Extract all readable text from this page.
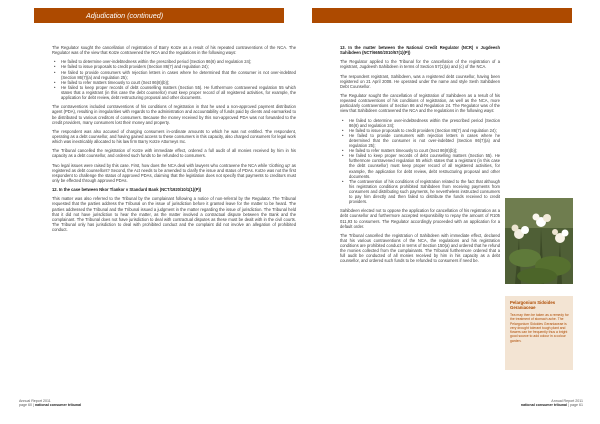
Adjudication (continued)

The Regulator sought the cancellation of registration of Barry Kotze as a result of his repeated contraventions of the NCA. The Regulator was of the view that Kotze contravened the NCA and the regulations in the following ways:

• He failed to determine over-indebtedness within the prescribed period (Section 86(6) and regulation 24);
• He failed to issue proposals to credit providers (Section 86(7) and regulation 24);
• He failed to provide consumers with rejection letters in cases where he determined that the consumer is not over-indebted (Section 86(7)(a) and regulation 25);
• He failed to refer matters timeously to court (Sect 86(8)(b));
• He failed to keep proper records of debt counselling matters (Section 55). He furthermore contravened regulation 55 which states that a registrant (in this case the debt counsellor) must keep proper record of all registered activities, for example, the application for debt review, debt restructuring proposal and other documents.

The contraventions included contraventions of his conditions of registration in that he used a non-approved payment distribution agent (PDA), resulting in irregularities with regards to the administration and accountability of funds paid by clients and earmarked to be distributed to various creditors of consumers. Because the money received by this non-approved PDA was not forwarded to the credit providers, many consumers lost their money and property.

The respondent was also accused of charging consumers in-ordinate amounts to which he was not entitled. The respondent, operating as a debt counsellor, and having gained access to these consumers in this capacity, also charged consumers for legal work which was inextricably allocated to his law firm Barry Kotze Attorneys Inc.

The Tribunal cancelled the registration of Kotze with immediate effect, ordered a full audit of all monies received by him in his capacity as a debt counsellor, and ordered such funds to be refunded to consumers.

Two legal issues were raised by this case. First, how does the NCA deal with lawyers who contravene the NCA while 'clothing up' as registered as debt counsellors? Second, the Act needs to be amended to clarify the issue and status of PDAs. Kotze was not the first respondent to challenge the status of approved PDAs, claiming that the legislation does not specify that payments to creditors must only be effected through approved PDAs.

12. In the case between Nkor Tlankor v Standard Bank (NCT/1920/10/1(1)(P))

This matter was also referred to the Tribunal by the complainant following a notice of non-referral by the Regulator. The Tribunal requested that the parties address the Tribunal on the issue of jurisdiction before it granted leave for the matter to be heard. The parties addressed the Tribunal and the Tribunal issued a judgment in the matter regarding the issue of jurisdiction. The Tribunal held that it did not have jurisdiction to hear the matter, as the matter involved a contractual dispute between the Bank and the complainant. The Tribunal does not have jurisdiction to deal with contractual disputes as these must be dealt with in the civil courts. The Tribunal only has jurisdiction to deal with prohibited conduct and the complaint did not involve an allegation of prohibited conduct.

13. In the matter between the National Credit Regulator (NCR) v Jugdeesh Sahibdeen (NCT/6650/2010/57(1)(P))

The Regulator applied to the Tribunal for the cancellation of the registration of a registrant, Jugdeesh Sahibdeen in terms of Section 57(1)(a) and (c) of the NCA.

The respondent registrant, Sahibdeen, was a registered debt counsellor, having been registered on 21 April 2008. He operated under the name and style Sesh Sahibdeen Debt Counsellor.

The Regulator sought the cancellation of registration of Sahibdeen as a result of his repeated contraventions of his conditions of registration, as well as the NCA, more particularly contraventions of Section 86 and Regulation 24. The Regulator was of the view that Sahibdeen contravened the NCA and the regulations in the following ways:

• He failed to determine over-indebtedness within the prescribed period (Section 86(6) and regulation 24);
• He failed to issue proposals to credit providers (Section 86(7) and regulation 24);
• He failed to provide consumers with rejection letters in cases where he determined that the consumer is not over-indebted (Section 86(7)(a) and regulation 25);
• He failed to refer matters timeously to court (Sect 86(8)(b));
• He failed to keep proper records of debt counselling matters (Section 55). He furthermore contravened regulation 55 which states that a registrant (in this case the debt counsellor) must keep proper record of all registered activities, for example, the application for debt review, debt restructuring proposal and other documents.
• The contravention of his conditions of registration related to the fact that although his registration conditions prohibited Sahibdeen from receiving payments from consumers and distributing such payments, he nevertheless instructed consumers to pay him directly and then failed to distribute the funds received to credit providers.

Sahibdeen elected not to oppose the application for cancellation of his registration as a debt counsellor and furthermore accepted responsibility to repay the amount of R105 011,93 to consumers. The Regulator accordingly proceeded with an application for a default order.

The Tribunal cancelled the registration of Sahibdeen with immediate effect, declared that his various contraventions of the NCA, the regulations and his registration conditions are prohibited conduct in terms of Section 150(a) and ordered that he refund the monies collected from the complainants. The Tribunal furthermore ordered that a full audit be conducted of all monies received by him in his capacity as a debt counsellor, and ordered such funds to be refunded to consumers if need be.

Pelargonium Sidoides Geraniaceae
Tea may then be taken as a remedy for the treatment of stomach ache. The Pelargonium Sidoides Geraniaceae is very drought tolerant tough plant and flowers can be frequently thus a bright good source to add colour in a colour garden.
Annual Report 2011
page 60 | national consumer tribunal
Annual Report 2011
national consumer tribunal | page 61
